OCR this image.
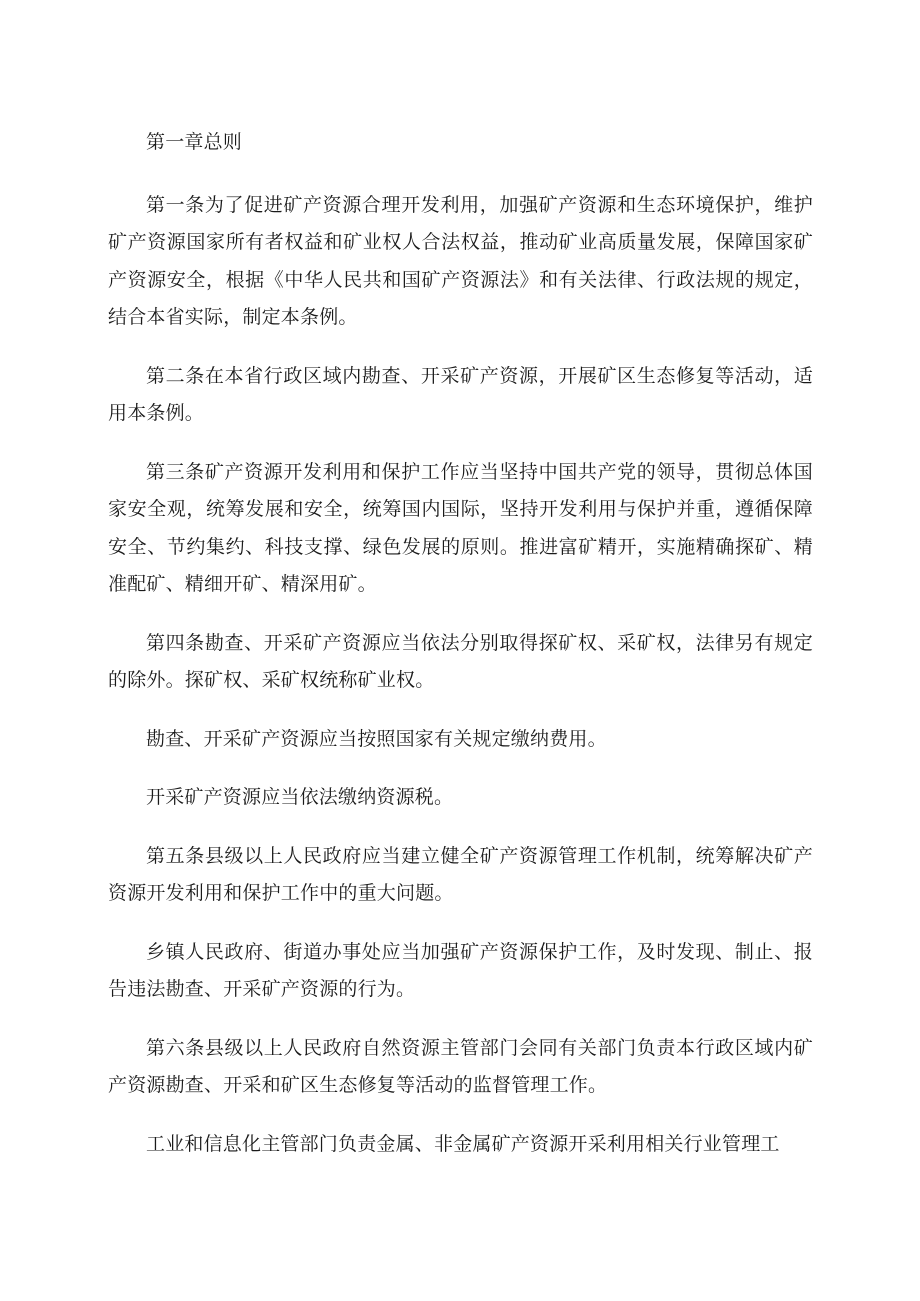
第一章总则

第一条为了促进矿产资源合理开发利用，加强矿产资源和生态环境保护，维护矿产资源国家所有者权益和矿业权人合法权益，推动矿业高质量发展，保障国家矿产资源安全，根据《中华人民共和国矿产资源法》和有关法律、行政法规的规定，结合本省实际，制定本条例。

第二条在本省行政区域内勘查、开采矿产资源，开展矿区生态修复等活动，适用本条例。

第三条矿产资源开发利用和保护工作应当坚持中国共产党的领导，贯彻总体国家安全观，统筹发展和安全，统筹国内国际，坚持开发利用与保护并重，遵循保障安全、节约集约、科技支撑、绿色发展的原则。推进富矿精开，实施精确探矿、精准配矿、精细开矿、精深用矿。

第四条勘查、开采矿产资源应当依法分别取得探矿权、采矿权，法律另有规定的除外。探矿权、采矿权统称矿业权。

勘查、开采矿产资源应当按照国家有关规定缴纳费用。

开采矿产资源应当依法缴纳资源税。

第五条县级以上人民政府应当建立健全矿产资源管理工作机制，统筹解决矿产资源开发利用和保护工作中的重大问题。

乡镇人民政府、街道办事处应当加强矿产资源保护工作，及时发现、制止、报告违法勘查、开采矿产资源的行为。

第六条县级以上人民政府自然资源主管部门会同有关部门负责本行政区域内矿产资源勘查、开采和矿区生态修复等活动的监督管理工作。

工业和信息化主管部门负责金属、非金属矿产资源开采利用相关行业管理工
